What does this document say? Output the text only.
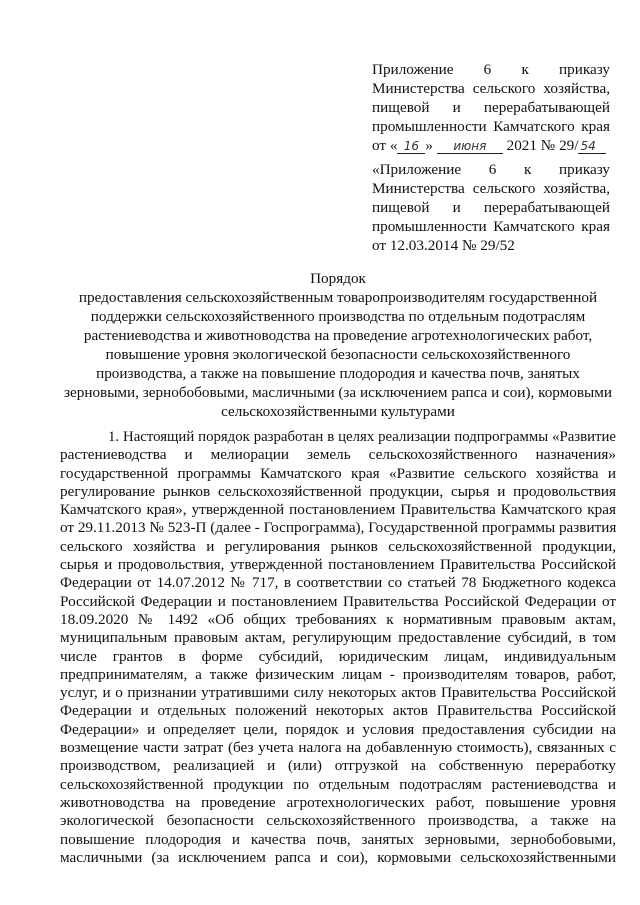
Приложение 6 к приказу
Министерства сельского хозяйства,
пищевой и перерабатывающей
промышленности Камчатского края
от « 16 » июня 2021 № 29/ 54
«Приложение 6 к приказу
Министерства сельского хозяйства,
пищевой и перерабатывающей
промышленности Камчатского края
от 12.03.2014 № 29/52
Порядок
предоставления сельскохозяйственным товаропроизводителям государственной
поддержки сельскохозяйственного производства по отдельным подотраслям
растениеводства и животноводства на проведение агротехнологических работ,
повышение уровня экологической безопасности сельскохозяйственного
производства, а также на повышение плодородия и качества почв, занятых
зерновыми, зернобобовыми, масличными (за исключением рапса и сои), кормовыми
сельскохозяйственными культурами
1. Настоящий порядок разработан в целях реализации подпрограммы «Развитие
растениеводства и мелиорации земель сельскохозяйственного назначения»
государственной программы Камчатского края «Развитие сельского хозяйства и
регулирование рынков сельскохозяйственной продукции, сырья и продовольствия
Камчатского края», утвержденной постановлением Правительства Камчатского края
от 29.11.2013 № 523-П (далее - Госпрограмма), Государственной программы развития
сельского хозяйства и регулирования рынков сельскохозяйственной продукции,
сырья и продовольствия, утвержденной постановлением Правительства Российской
Федерации от 14.07.2012 № 717, в соответствии со статьей 78 Бюджетного кодекса
Российской Федерации и постановлением Правительства Российской Федерации от
18.09.2020 № 1492 «Об общих требованиях к нормативным правовым актам,
муниципальным правовым актам, регулирующим предоставление субсидий, в том
числе грантов в форме субсидий, юридическим лицам, индивидуальным
предпринимателям, а также физическим лицам - производителям товаров, работ,
услуг, и о признании утратившими силу некоторых актов Правительства Российской
Федерации и отдельных положений некоторых актов Правительства Российской
Федерации» и определяет цели, порядок и условия предоставления субсидии на
возмещение части затрат (без учета налога на добавленную стоимость), связанных с
производством, реализацией и (или) отгрузкой на собственную переработку
сельскохозяйственной продукции по отдельным подотраслям растениеводства и
животноводства на проведение агротехнологических работ, повышение уровня
экологической безопасности сельскохозяйственного производства, а также на
повышение плодородия и качества почв, занятых зерновыми, зернобобовыми,
масличными (за исключением рапса и сои), кормовыми сельскохозяйственными
